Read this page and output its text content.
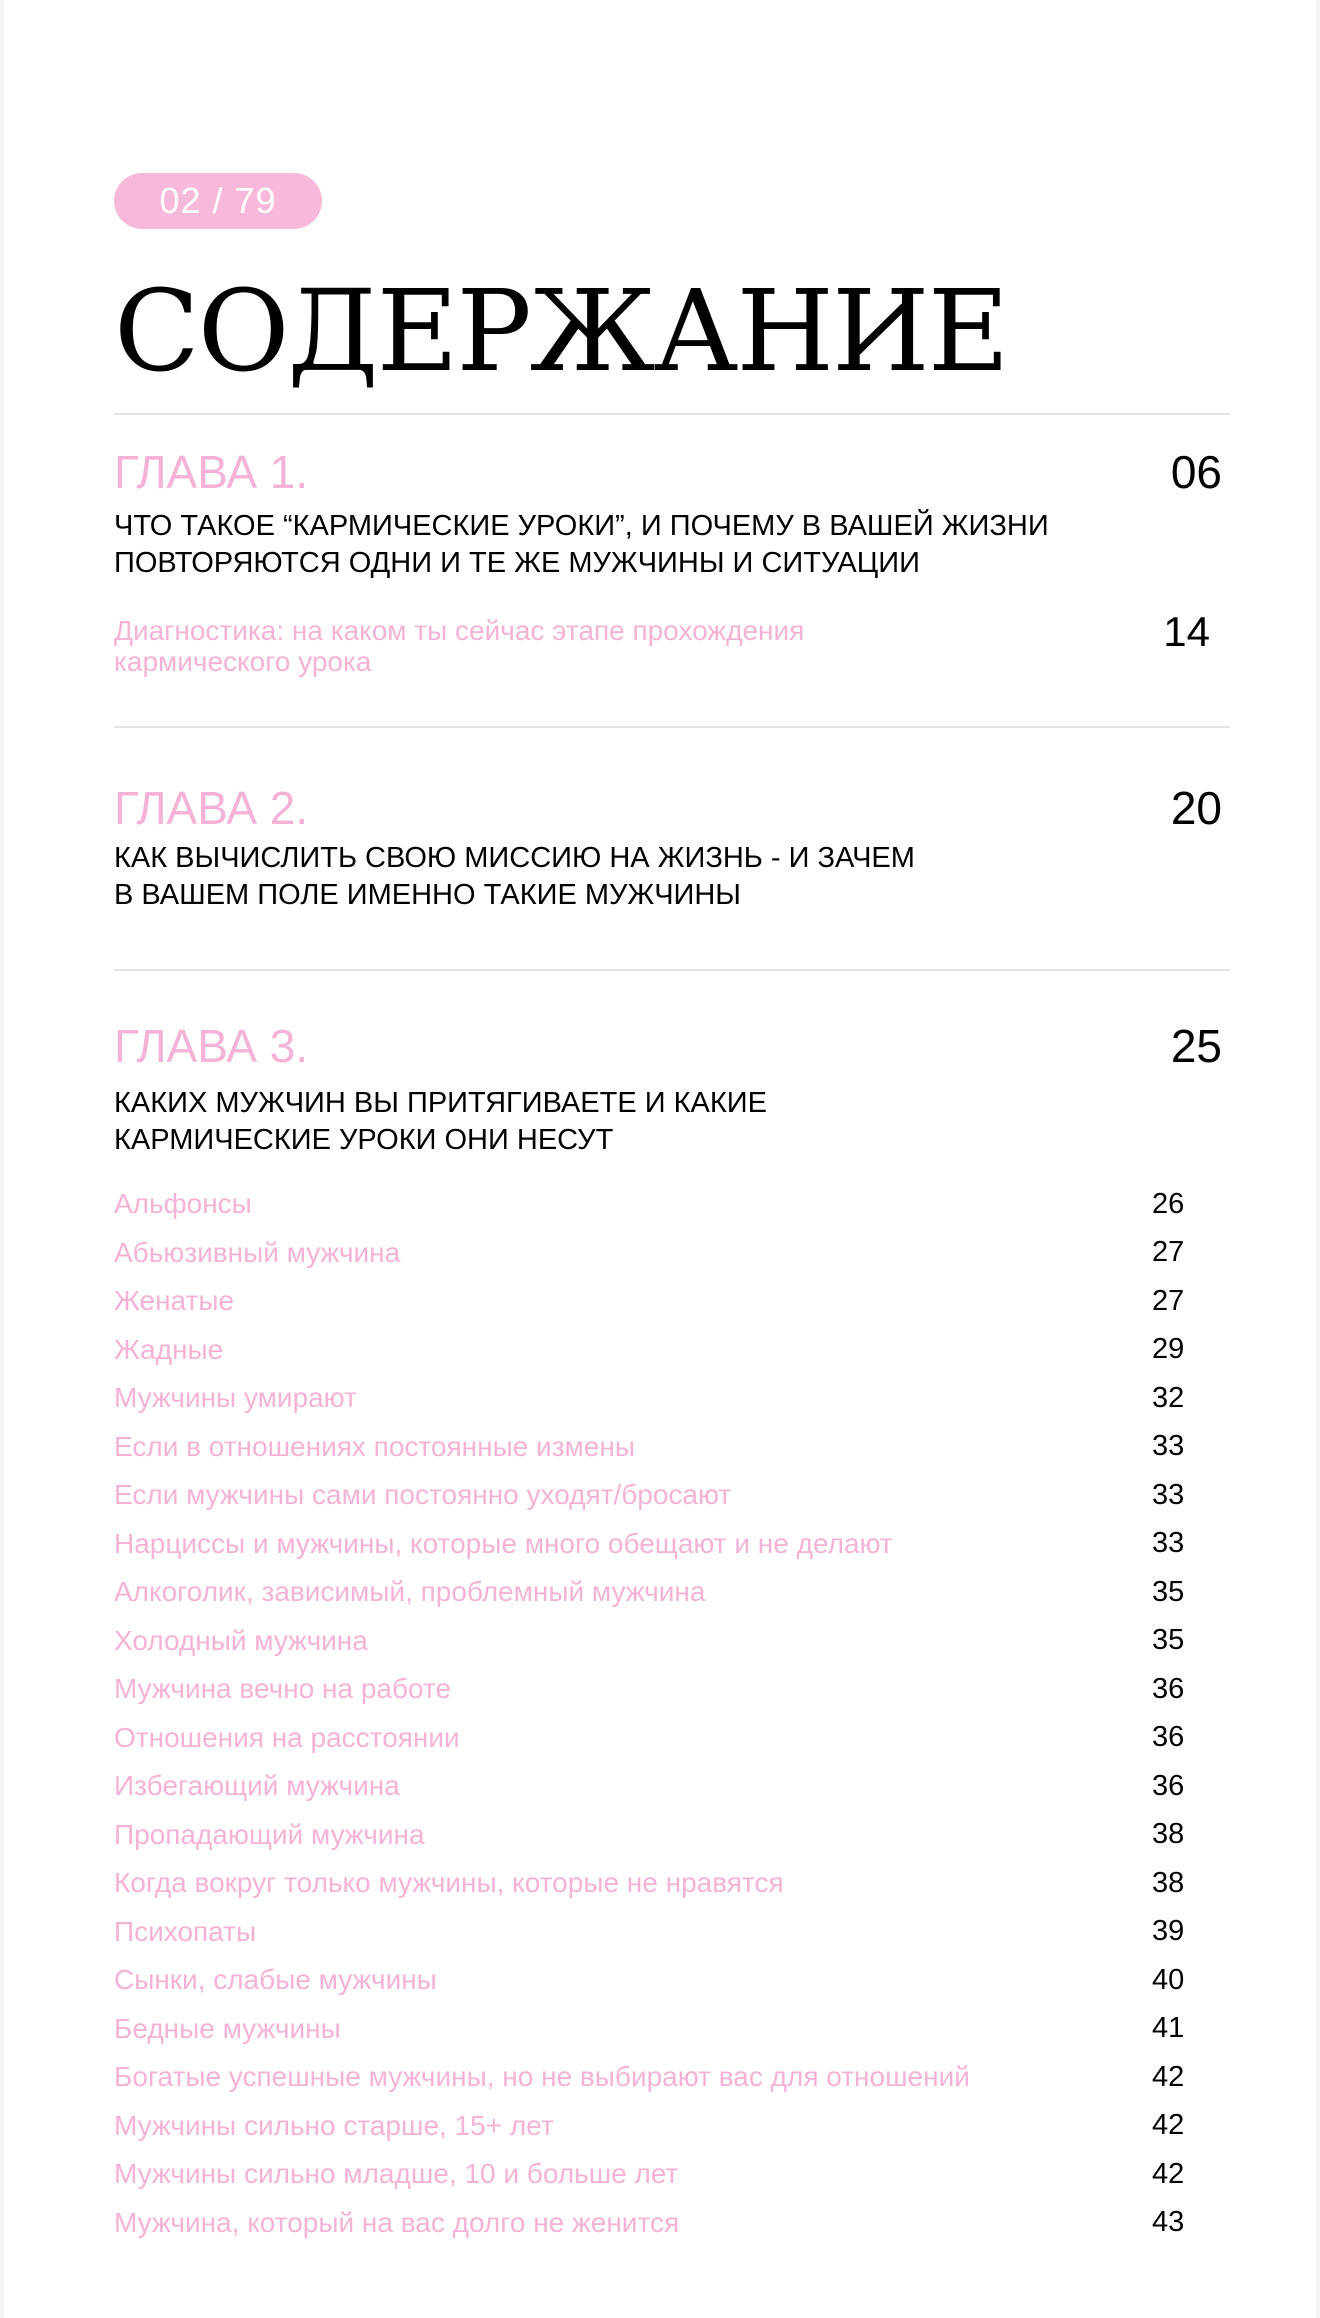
02 / 79
СОДЕРЖАНИЕ
ГЛАВА 1.	06
ЧТО ТАКОЕ “КАРМИЧЕСКИЕ УРОКИ”, И ПОЧЕМУ В ВАШЕЙ ЖИЗНИ
ПОВТОРЯЮТСЯ ОДНИ И ТЕ ЖЕ МУЖЧИНЫ И СИТУАЦИИ
Диагностика: на каком ты сейчас этапе прохождения
кармического урока
14
ГЛАВА 2.	20
КАК ВЫЧИСЛИТЬ СВОЮ МИССИЮ НА ЖИЗНЬ - И ЗАЧЕМ
В ВАШЕМ ПОЛЕ ИМЕННО ТАКИЕ МУЖЧИНЫ
ГЛАВА 3.	25
КАКИХ МУЖЧИН ВЫ ПРИТЯГИВАЕТЕ И КАКИЕ
КАРМИЧЕСКИЕ УРОКИ ОНИ НЕСУТ
Альфонсы	26
Абьюзивный мужчина	27
Женатые	27
Жадные	29
Мужчины умирают	32
Если в отношениях постоянные измены	33
Если мужчины сами постоянно уходят/бросают	33
Нарциссы и мужчины, которые много обещают и не делают	33
Алкоголик, зависимый, проблемный мужчина	35
Холодный мужчина	35
Мужчина вечно на работе	36
Отношения на расстоянии	36
Избегающий мужчина	36
Пропадающий мужчина	38
Когда вокруг только мужчины, которые не нравятся	38
Психопаты	39
Сынки, слабые мужчины	40
Бедные мужчины	41
Богатые успешные мужчины, но не выбирают вас для отношений	42
Мужчины сильно старше, 15+ лет	42
Мужчины сильно младше, 10 и больше лет	42
Мужчина, который на вас долго не женится	43
